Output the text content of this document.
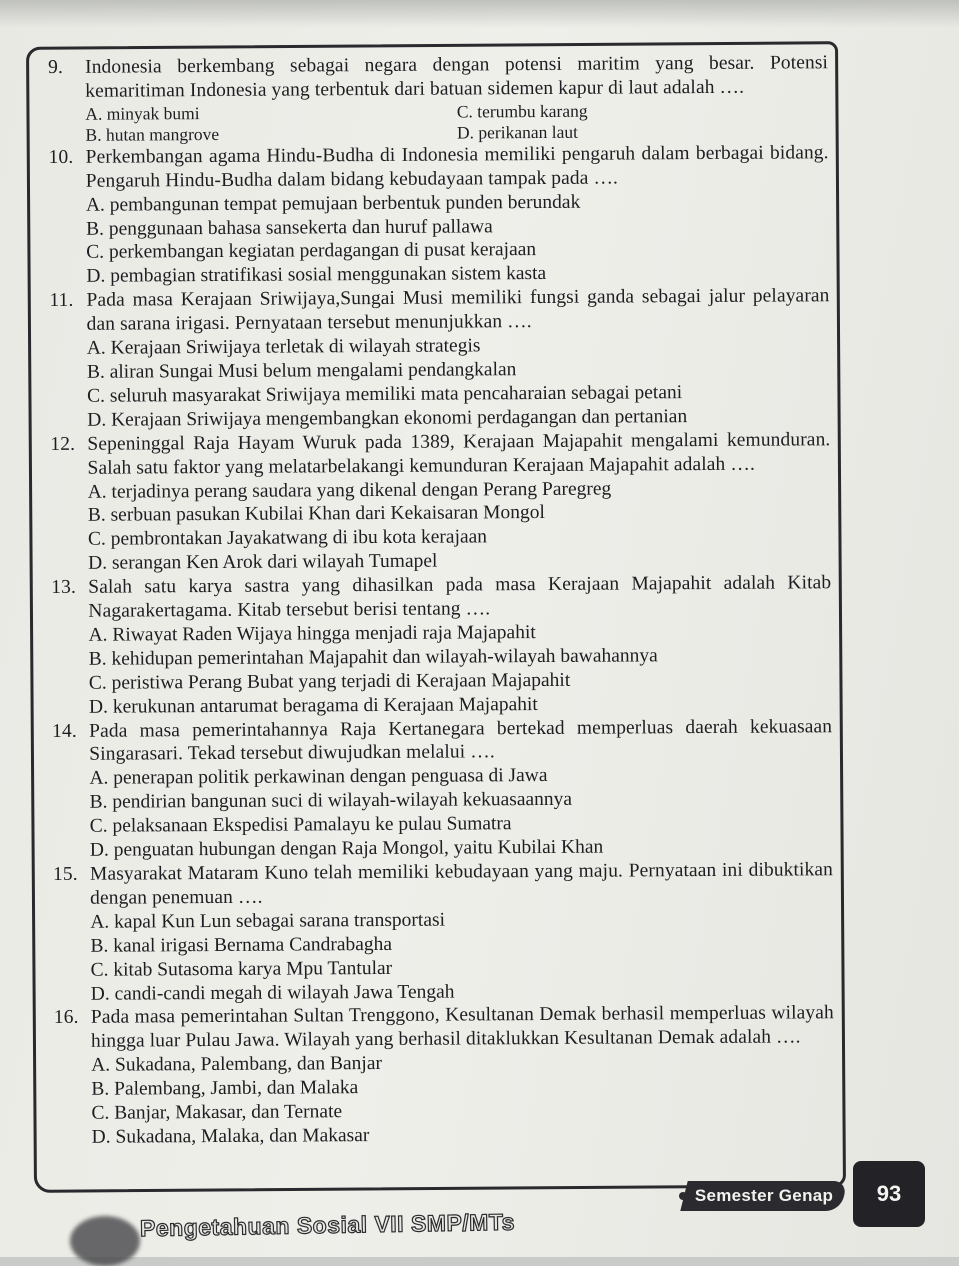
9. Indonesia berkembang sebagai negara dengan potensi maritim yang besar. Potensi kemaritiman Indonesia yang terbentuk dari batuan sidemen kapur di laut adalah ….

A. minyak bumi	C. terumbu karang
B. hutan mangrove	D. perikanan laut

10. Perkembangan agama Hindu-Budha di Indonesia memiliki pengaruh dalam berbagai bidang. Pengaruh Hindu-Budha dalam bidang kebudayaan tampak pada ….

A. pembangunan tempat pemujaan berbentuk punden berundak

B. penggunaan bahasa sansekerta dan huruf pallawa

C. perkembangan kegiatan perdagangan di pusat kerajaan

D. pembagian stratifikasi sosial menggunakan sistem kasta

11. Pada masa Kerajaan Sriwijaya,Sungai Musi memiliki fungsi ganda sebagai jalur pelayaran dan sarana irigasi. Pernyataan tersebut menunjukkan ….

A. Kerajaan Sriwijaya terletak di wilayah strategis

B. aliran Sungai Musi belum mengalami pendangkalan

C. seluruh masyarakat Sriwijaya memiliki mata pencaharaian sebagai petani

D. Kerajaan Sriwijaya mengembangkan ekonomi perdagangan dan pertanian

12. Sepeninggal Raja Hayam Wuruk pada 1389, Kerajaan Majapahit mengalami kemunduran. Salah satu faktor yang melatarbelakangi kemunduran Kerajaan Majapahit adalah ….

A. terjadinya perang saudara yang dikenal dengan Perang Paregreg

B. serbuan pasukan Kubilai Khan dari Kekaisaran Mongol

C. pembrontakan Jayakatwang di ibu kota kerajaan

D. serangan Ken Arok dari wilayah Tumapel

13. Salah satu karya sastra yang dihasilkan pada masa Kerajaan Majapahit adalah Kitab Nagarakertagama. Kitab tersebut berisi tentang ….

A. Riwayat Raden Wijaya hingga menjadi raja Majapahit

B. kehidupan pemerintahan Majapahit dan wilayah-wilayah bawahannya

C. peristiwa Perang Bubat yang terjadi di Kerajaan Majapahit

D. kerukunan antarumat beragama di Kerajaan Majapahit

14. Pada masa pemerintahannya Raja Kertanegara bertekad memperluas daerah kekuasaan Singarasari. Tekad tersebut diwujudkan melalui ….

A. penerapan politik perkawinan dengan penguasa di Jawa

B. pendirian bangunan suci di wilayah-wilayah kekuasaannya

C. pelaksanaan Ekspedisi Pamalayu ke pulau Sumatra

D. penguatan hubungan dengan Raja Mongol, yaitu Kubilai Khan

15. Masyarakat Mataram Kuno telah memiliki kebudayaan yang maju. Pernyataan ini dibuktikan dengan penemuan ….

A. kapal Kun Lun sebagai sarana transportasi

B. kanal irigasi Bernama Candrabagha

C. kitab Sutasoma karya Mpu Tantular

D. candi-candi megah di wilayah Jawa Tengah

16. Pada masa pemerintahan Sultan Trenggono, Kesultanan Demak berhasil memperluas wilayah hingga luar Pulau Jawa. Wilayah yang berhasil ditaklukkan Kesultanan Demak adalah ….

A. Sukadana, Palembang, dan Banjar

B. Palembang, Jambi, dan Malaka

C. Banjar, Makasar, dan Ternate

D. Sukadana, Malaka, dan Makasar

Pengetahuan Sosial VII SMP/MTs
Semester Genap	93
